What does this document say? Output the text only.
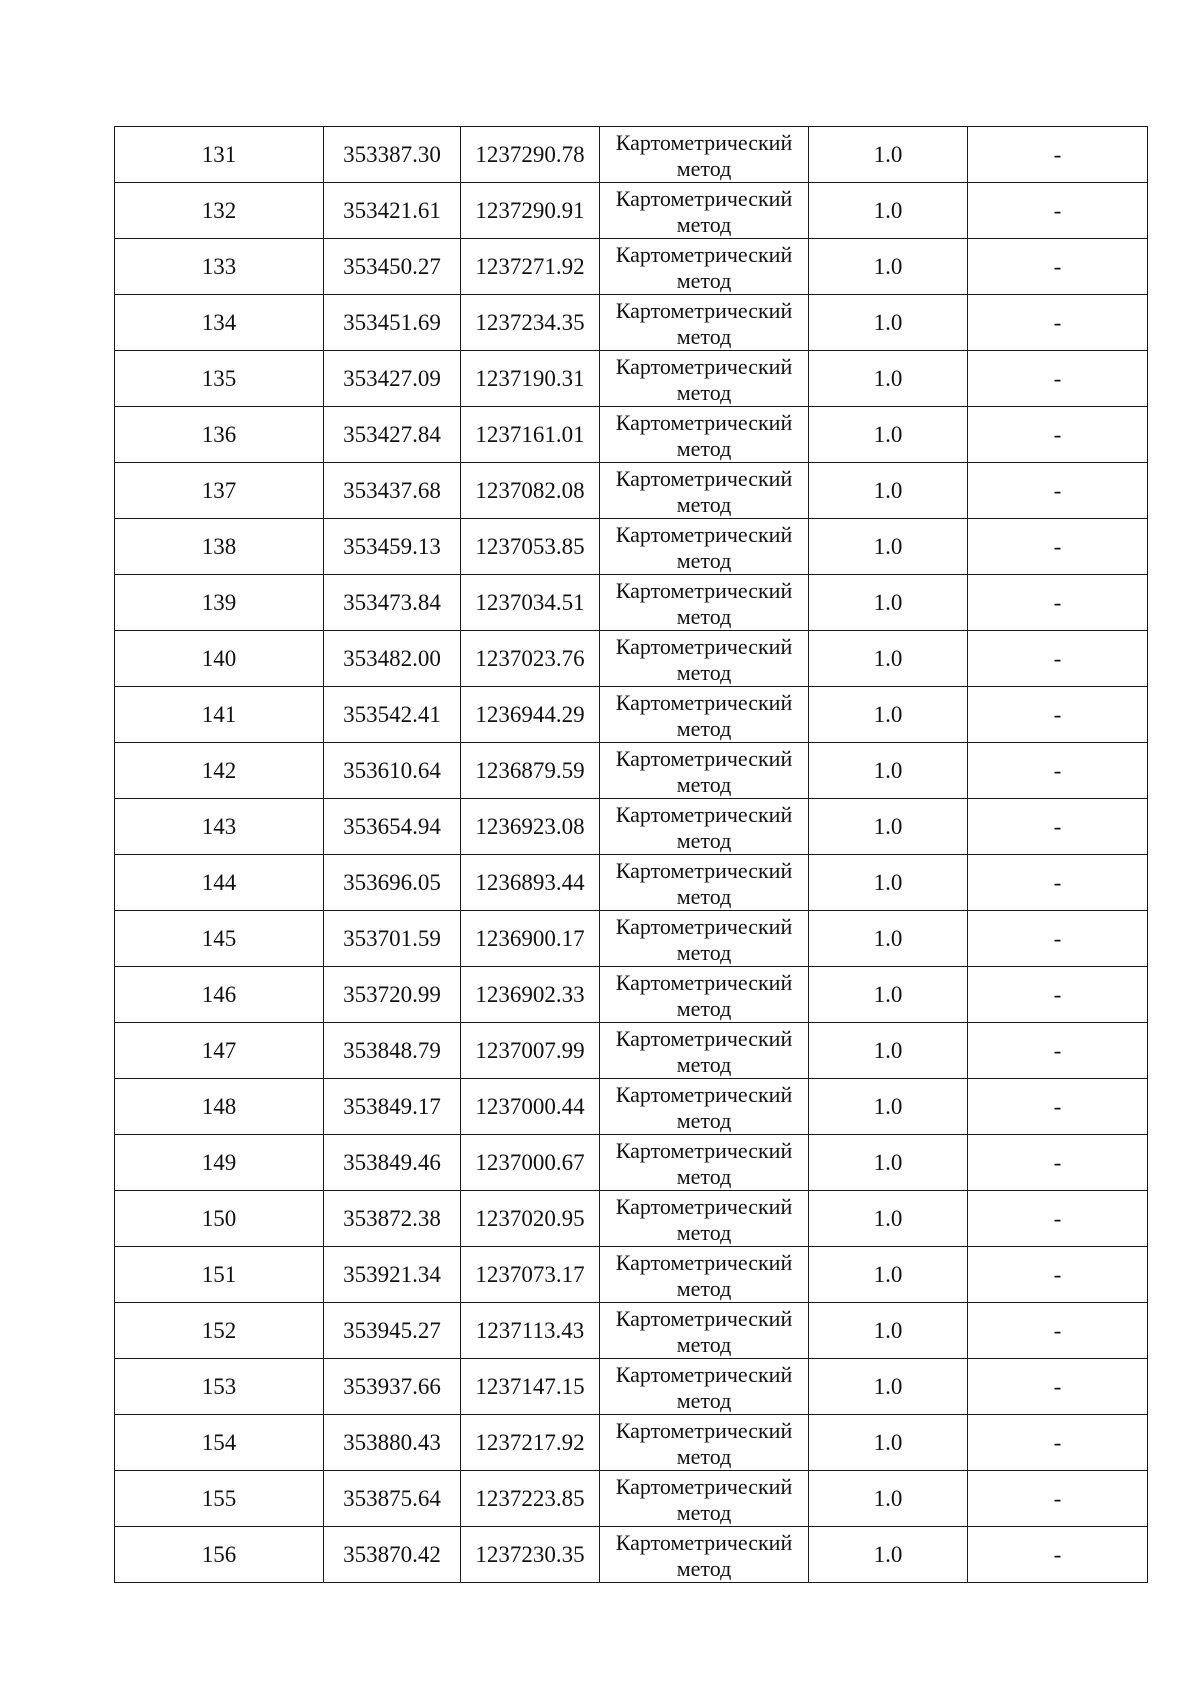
131	353387.30	1237290.78	Картометрический
метод	1.0	-
132	353421.61	1237290.91	Картометрический
метод	1.0	-
133	353450.27	1237271.92	Картометрический
метод	1.0	-
134	353451.69	1237234.35	Картометрический
метод	1.0	-
135	353427.09	1237190.31	Картометрический
метод	1.0	-
136	353427.84	1237161.01	Картометрический
метод	1.0	-
137	353437.68	1237082.08	Картометрический
метод	1.0	-
138	353459.13	1237053.85	Картометрический
метод	1.0	-
139	353473.84	1237034.51	Картометрический
метод	1.0	-
140	353482.00	1237023.76	Картометрический
метод	1.0	-
141	353542.41	1236944.29	Картометрический
метод	1.0	-
142	353610.64	1236879.59	Картометрический
метод	1.0	-
143	353654.94	1236923.08	Картометрический
метод	1.0	-
144	353696.05	1236893.44	Картометрический
метод	1.0	-
145	353701.59	1236900.17	Картометрический
метод	1.0	-
146	353720.99	1236902.33	Картометрический
метод	1.0	-
147	353848.79	1237007.99	Картометрический
метод	1.0	-
148	353849.17	1237000.44	Картометрический
метод	1.0	-
149	353849.46	1237000.67	Картометрический
метод	1.0	-
150	353872.38	1237020.95	Картометрический
метод	1.0	-
151	353921.34	1237073.17	Картометрический
метод	1.0	-
152	353945.27	1237113.43	Картометрический
метод	1.0	-
153	353937.66	1237147.15	Картометрический
метод	1.0	-
154	353880.43	1237217.92	Картометрический
метод	1.0	-
155	353875.64	1237223.85	Картометрический
метод	1.0	-
156	353870.42	1237230.35	Картометрический
метод	1.0	-
